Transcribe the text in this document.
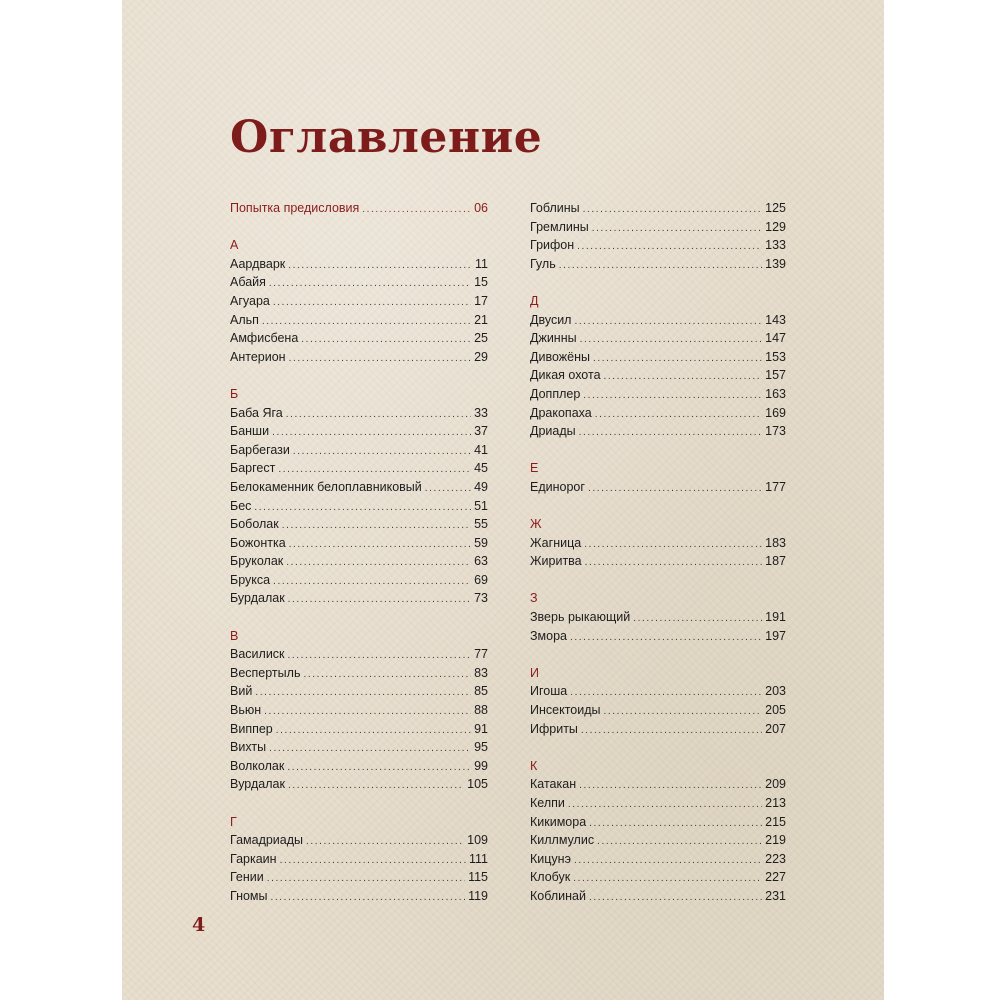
Оглавление
Попытка предисловия .....	06
А
Аардварк .....	11
Абайя .....	15
Агуара .....	17
Альп .....	21
Амфисбена .....	25
Антерион .....	29
Б
Баба Яга .....	33
Банши .....	37
Барбегази .....	41
Баргест .....	45
Белокаменник белоплавниковый .....	49
Бес .....	51
Боболак .....	55
Божонтка .....	59
Бруколак .....	63
Брукса .....	69
Бурдалак .....	73
В
Василиск .....	77
Веспертыль .....	83
Вий .....	85
Вьюн .....	88
Виппер .....	91
Вихты .....	95
Волколак .....	99
Вурдалак .....	105
Г
Гамадриады .....	109
Гаркаин .....	111
Гении .....	115
Гномы .....	119
Гоблины .....	125
Гремлины .....	129
Грифон .....	133
Гуль .....	139
Д
Двусил .....	143
Джинны .....	147
Дивожёны .....	153
Дикая охота .....	157
Допплер .....	163
Дракопаха .....	169
Дриады .....	173
Е
Единорог .....	177
Ж
Жагница .....	183
Жиритва .....	187
З
Зверь рыкающий .....	191
Змора .....	197
И
Игоша .....	203
Инсектоиды .....	205
Ифриты .....	207
К
Катакан .....	209
Келпи .....	213
Кикимора .....	215
Киллмулис .....	219
Кицунэ .....	223
Клобук .....	227
Коблинай .....	231
4
